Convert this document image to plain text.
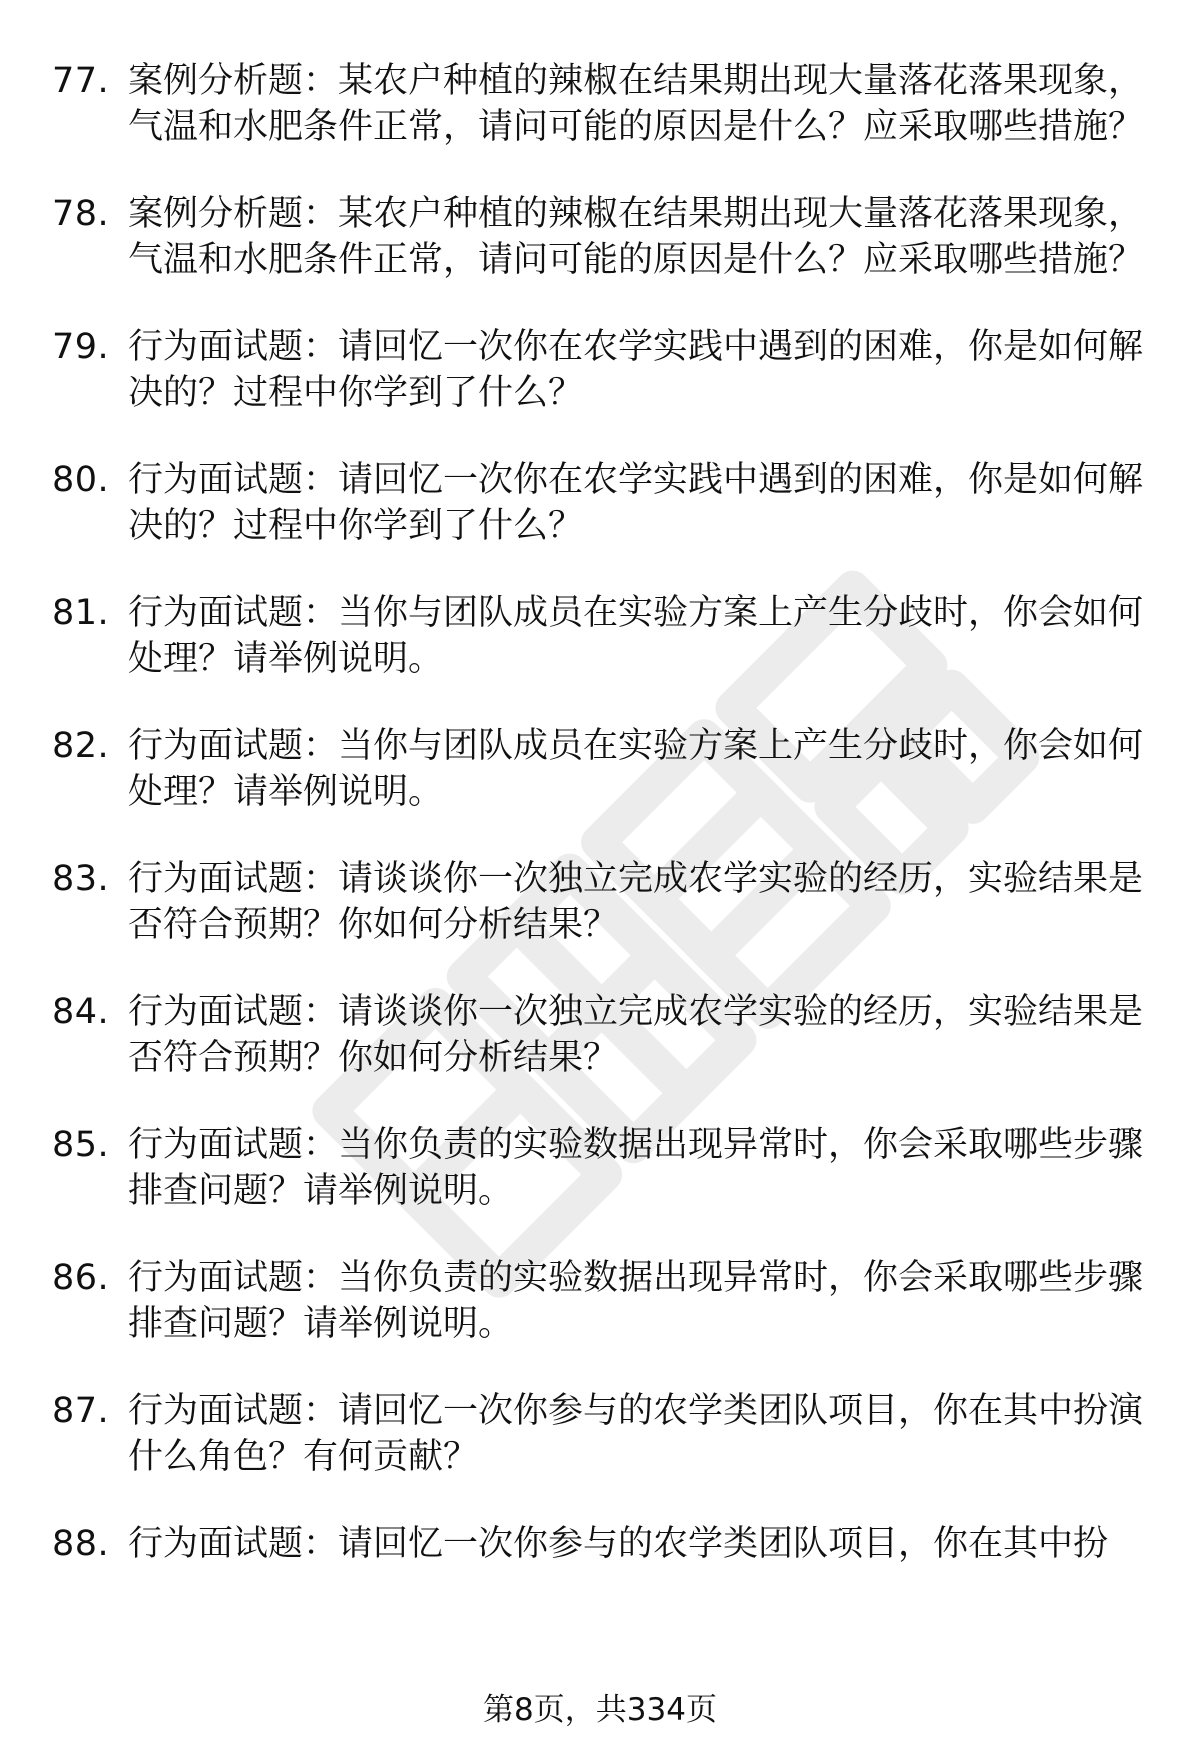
77. 案例分析题：某农户种植的辣椒在结果期出现大量落花落果现象，气温和水肥条件正常，请问可能的原因是什么？应采取哪些措施？
78. 案例分析题：某农户种植的辣椒在结果期出现大量落花落果现象，气温和水肥条件正常，请问可能的原因是什么？应采取哪些措施？
79. 行为面试题：请回忆一次你在农学实践中遇到的困难，你是如何解决的？过程中你学到了什么？
80. 行为面试题：请回忆一次你在农学实践中遇到的困难，你是如何解决的？过程中你学到了什么？
81. 行为面试题：当你与团队成员在实验方案上产生分歧时，你会如何处理？请举例说明。
82. 行为面试题：当你与团队成员在实验方案上产生分歧时，你会如何处理？请举例说明。
83. 行为面试题：请谈谈你一次独立完成农学实验的经历，实验结果是否符合预期？你如何分析结果？
84. 行为面试题：请谈谈你一次独立完成农学实验的经历，实验结果是否符合预期？你如何分析结果？
85. 行为面试题：当你负责的实验数据出现异常时，你会采取哪些步骤排查问题？请举例说明。
86. 行为面试题：当你负责的实验数据出现异常时，你会采取哪些步骤排查问题？请举例说明。
87. 行为面试题：请回忆一次你参与的农学类团队项目，你在其中扮演什么角色？有何贡献？
88. 行为面试题：请回忆一次你参与的农学类团队项目，你在其中扮
第8页，共334页
